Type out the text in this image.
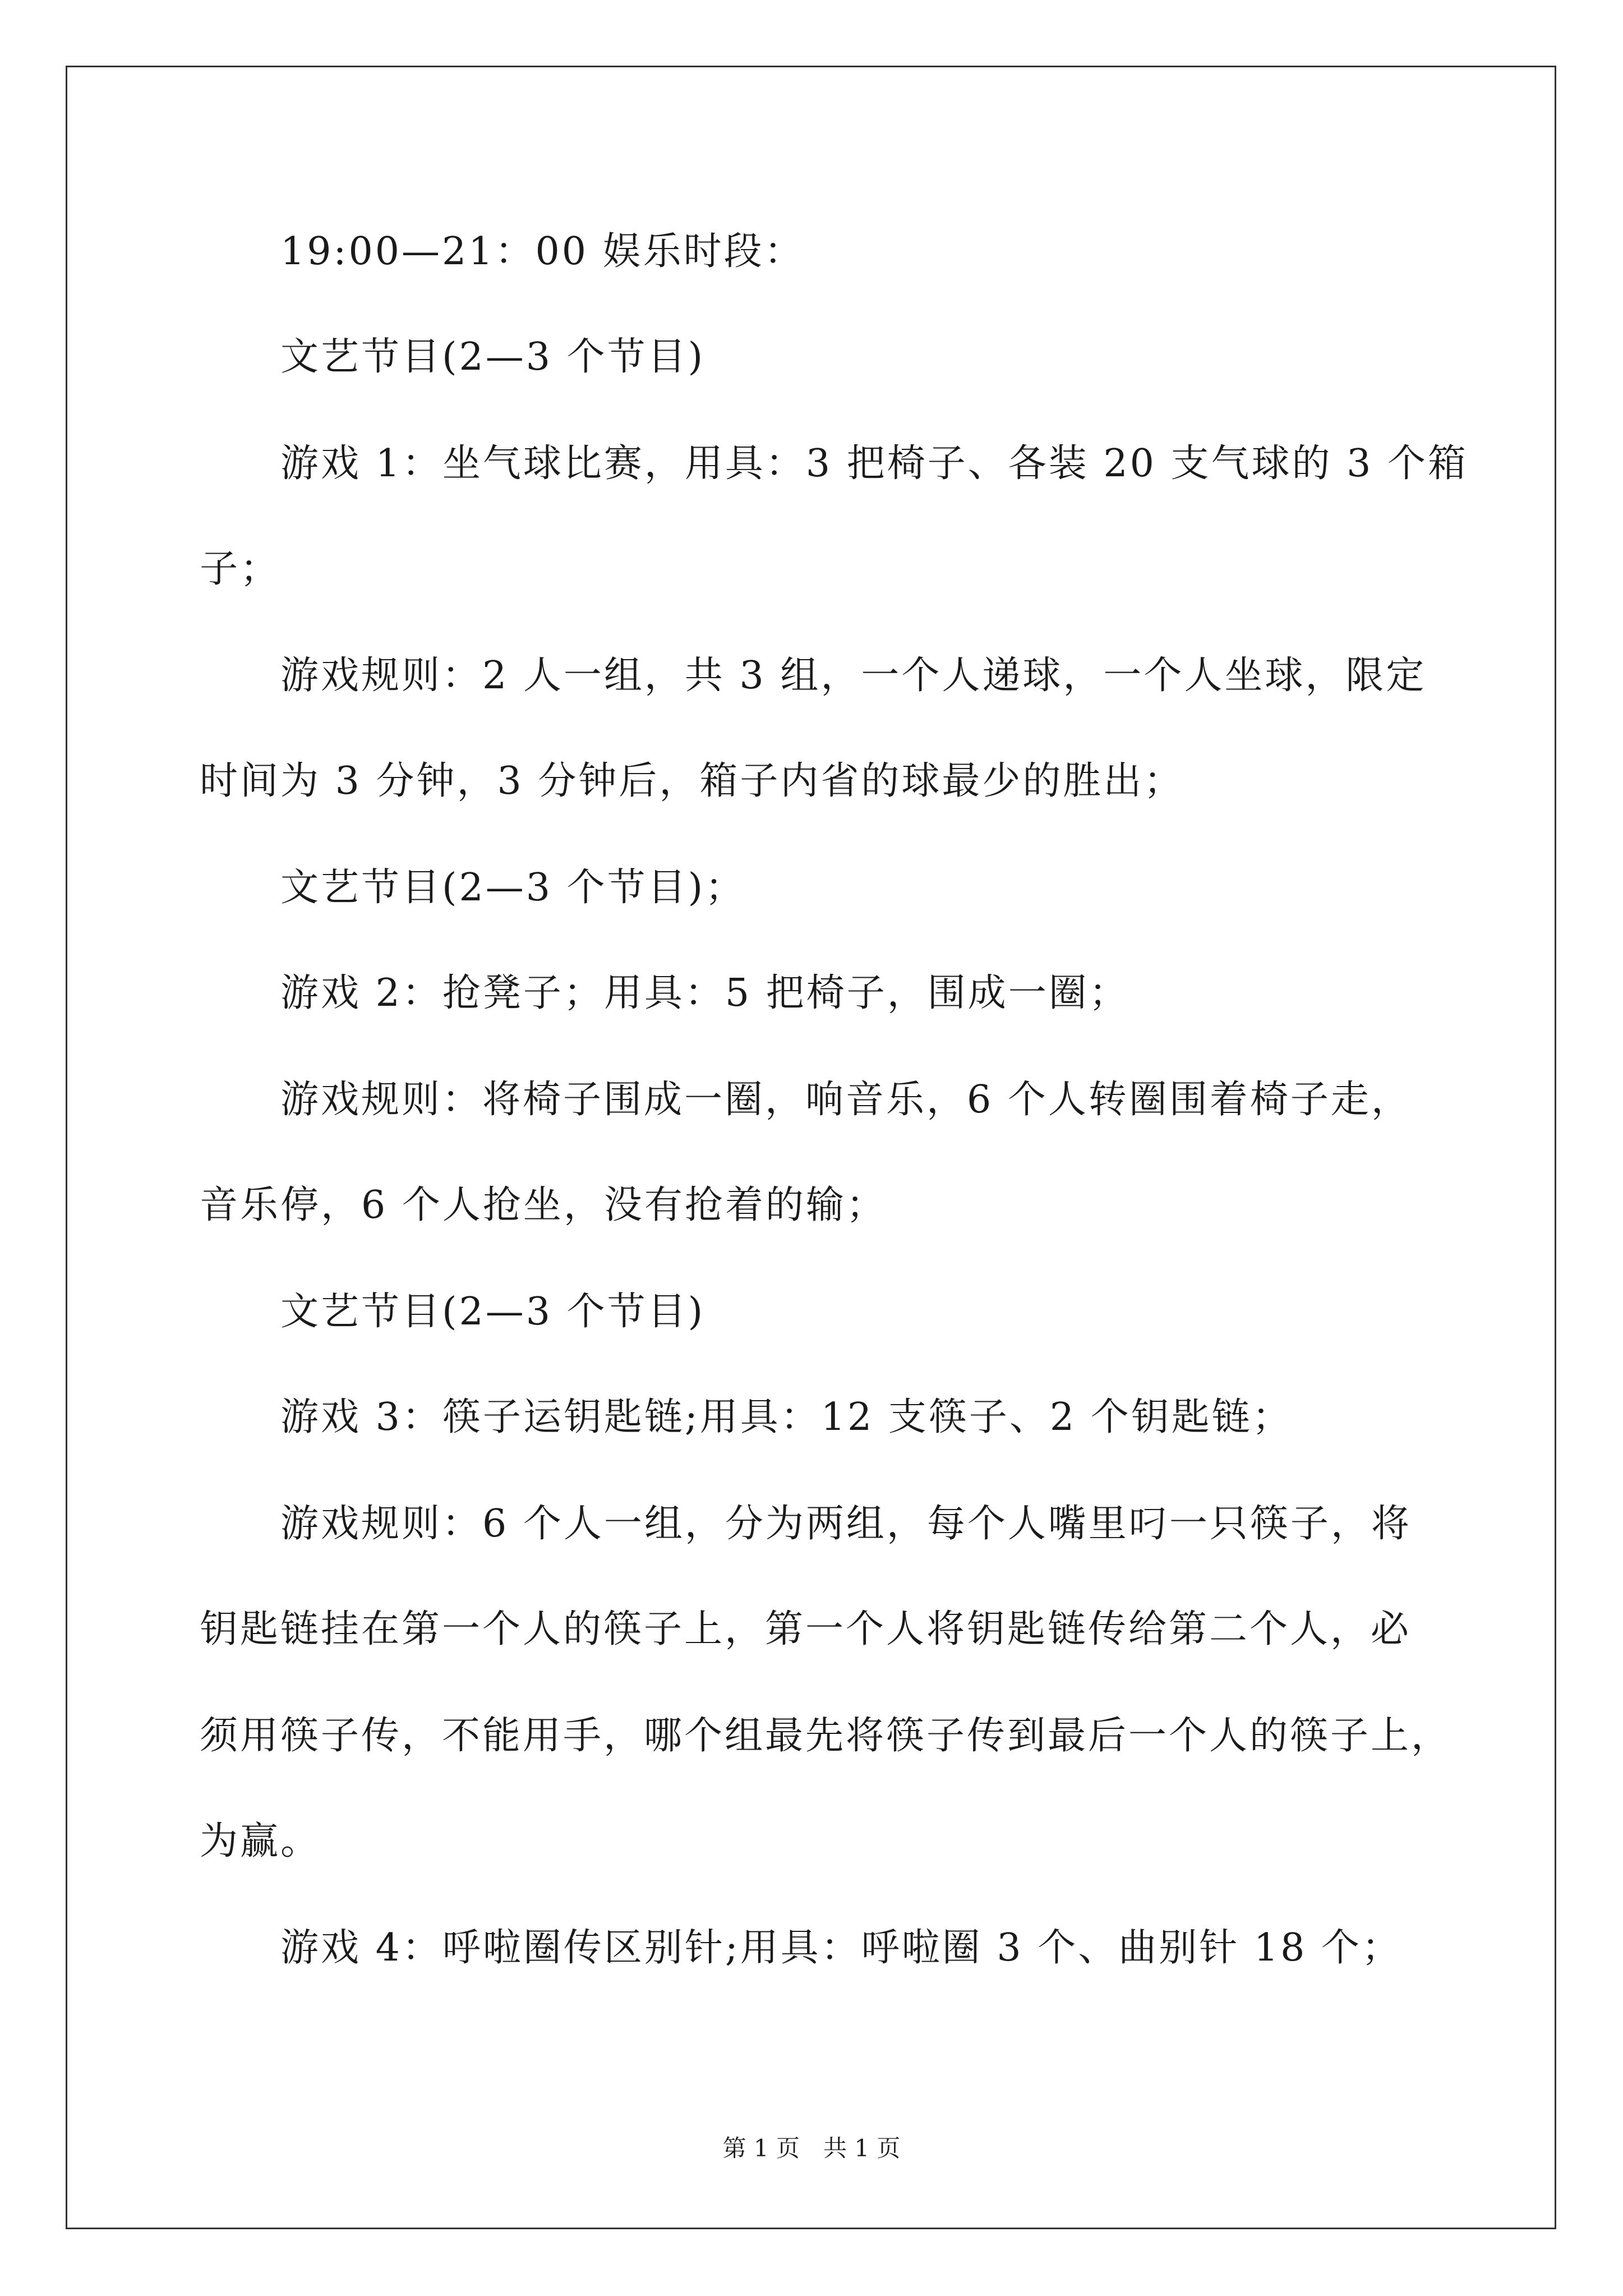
19:00—21：00 娱乐时段：
文艺节目(2—3 个节目)
游戏 1：坐气球比赛，用具：3 把椅子、各装 20 支气球的 3 个箱
子；
游戏规则：2 人一组，共 3 组，一个人递球，一个人坐球，限定
时间为 3 分钟，3 分钟后，箱子内省的球最少的胜出；
文艺节目(2—3 个节目)；
游戏 2：抢凳子；用具：5 把椅子，围成一圈；
游戏规则：将椅子围成一圈，响音乐，6 个人转圈围着椅子走，
音乐停，6 个人抢坐，没有抢着的输；
文艺节目(2—3 个节目)
游戏 3：筷子运钥匙链;用具：12 支筷子、2 个钥匙链；
游戏规则：6 个人一组，分为两组，每个人嘴里叼一只筷子，将
钥匙链挂在第一个人的筷子上，第一个人将钥匙链传给第二个人，必
须用筷子传，不能用手，哪个组最先将筷子传到最后一个人的筷子上，
为赢。
游戏 4：呼啦圈传区别针;用具：呼啦圈 3 个、曲别针 18 个；
第 1 页　共 1 页
